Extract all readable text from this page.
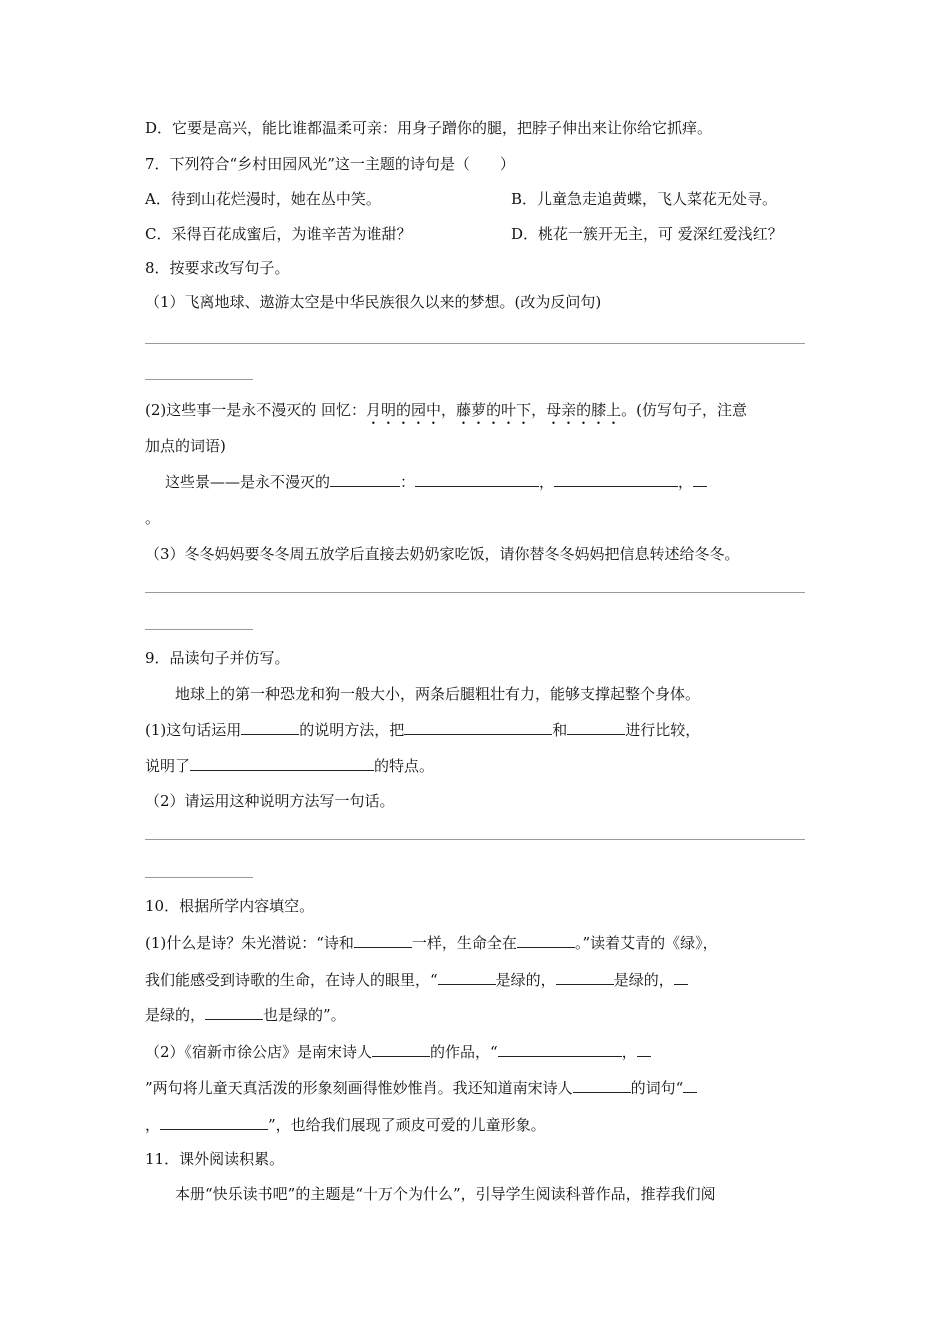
D．它要是高兴，能比谁都温柔可亲：用身子蹭你的腿，把脖子伸出来让你给它抓痒。
7．下列符合“乡村田园风光”这一主题的诗句是（　　）
A．待到山花烂漫时，她在丛中笑。	B．儿童急走追黄蝶，飞人菜花无处寻。
C．采得百花成蜜后，为谁辛苦为谁甜？	D．桃花一簇开无主，可 爱深红爱浅红？
8．按要求改写句子。
（1）飞离地球、遨游太空是中华民族很久以来的梦想。(改为反问句)
(2)这些事一是永不漫灭的 回忆：月明的园中，藤萝的叶下，母亲的膝上。(仿写句子，注意
加点的词语)
这些景——是永不漫灭的	：	，	，
。
（3）冬冬妈妈要冬冬周五放学后直接去奶奶家吃饭，请你替冬冬妈妈把信息转述给冬冬。
9．品读句子并仿写。
地球上的第一种恐龙和狗一般大小，两条后腿粗壮有力，能够支撑起整个身体。
(1)这句话运用	的说明方法，把	和	进行比较，
说明了	的特点。
（2）请运用这种说明方法写一句话。
10．根据所学内容填空。
(1)什么是诗？朱光潜说：“诗和	一样，生命全在	。”读着艾青的《绿》，
我们能感受到诗歌的生命，在诗人的眼里，“	是绿的，	是绿的，
是绿的，	也是绿的”。
（2）《宿新市徐公店》是南宋诗人	的作品，“	，
”两句将儿童天真活泼的形象刻画得惟妙惟肖。我还知道南宋诗人	的词句“
，	”，也给我们展现了顽皮可爱的儿童形象。
11．课外阅读积累。
本册“快乐读书吧”的主题是“十万个为什么”，引导学生阅读科普作品，推荐我们阅
